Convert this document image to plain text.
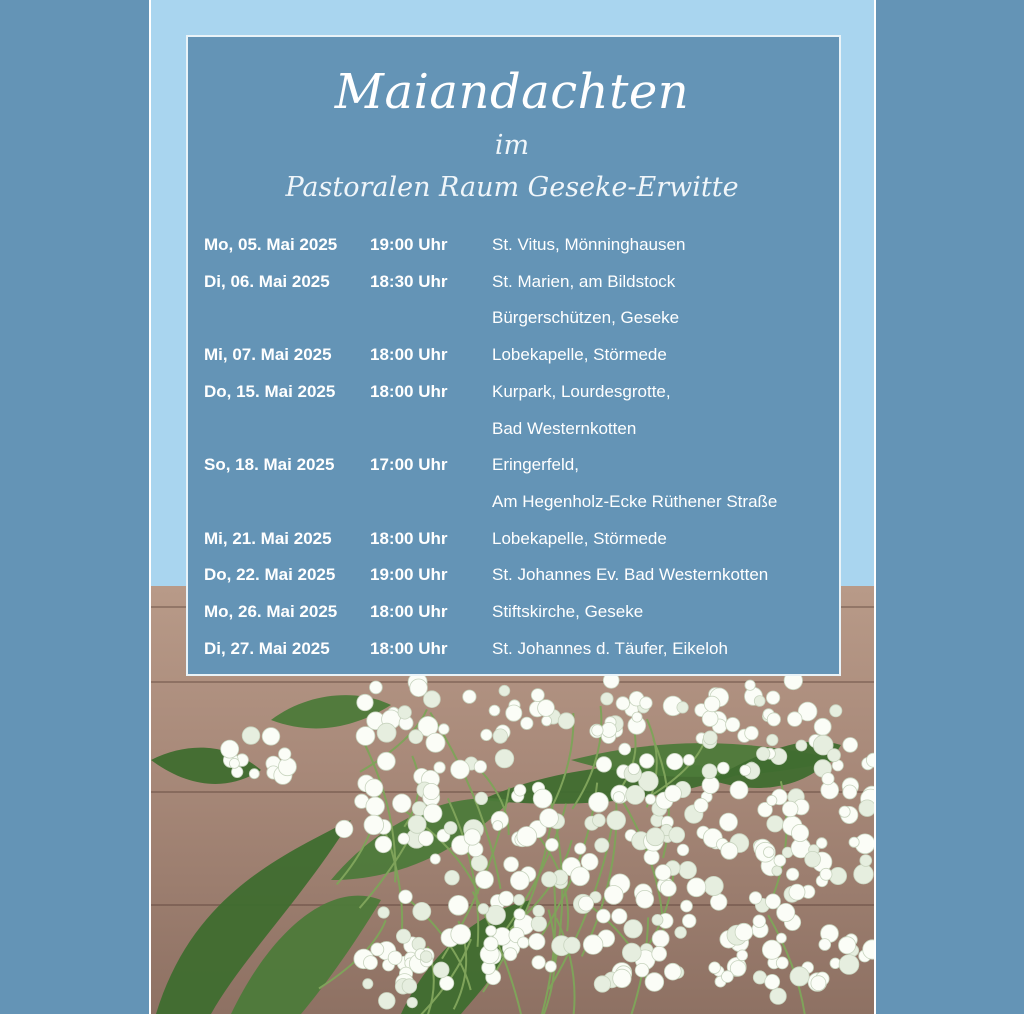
Maiandachten
im
Pastoralen Raum Geseke-Erwitte
Mo, 05. Mai 2025	19:00 Uhr	St. Vitus, Mönninghausen
Di, 06. Mai 2025	18:30 Uhr	St. Marien, am Bildstock
Bürgerschützen, Geseke
Mi, 07. Mai 2025	18:00 Uhr	Lobekapelle, Störmede
Do, 15. Mai 2025	18:00 Uhr	Kurpark, Lourdesgrotte,
Bad Westernkotten
So, 18. Mai 2025	17:00 Uhr	Eringerfeld,
Am Hegenholz-Ecke Rüthener Straße
Mi, 21. Mai 2025	18:00 Uhr	Lobekapelle, Störmede
Do, 22. Mai 2025	19:00 Uhr	St. Johannes Ev. Bad Westernkotten
Mo, 26. Mai 2025	18:00 Uhr	Stiftskirche, Geseke
Di, 27. Mai 2025	18:00 Uhr	St. Johannes d. Täufer, Eikeloh
